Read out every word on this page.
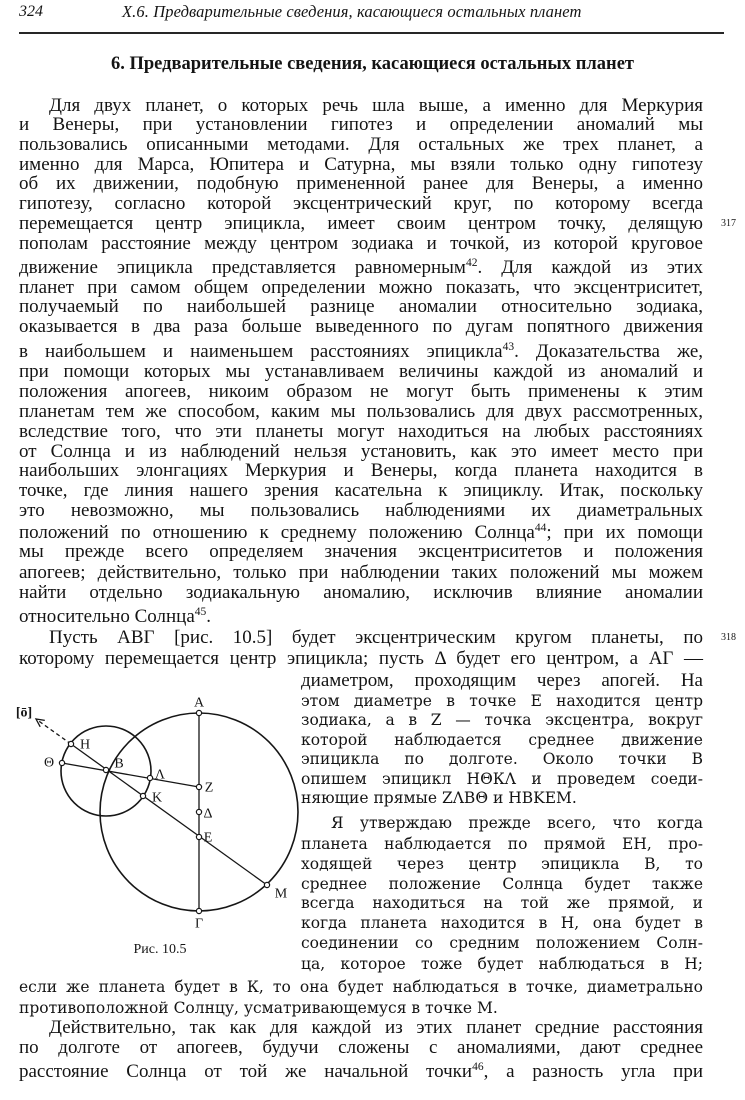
324	X.6. Предварительные сведения, касающиеся остальных планет
6. Предварительные сведения, касающиеся остальных планет
Для двух планет, о которых речь шла выше, а именно для Меркурия
и Венеры, при установлении гипотез и определении аномалий мы
пользовались описанными методами. Для остальных же трех планет, а
именно для Марса, Юпитера и Сатурна, мы взяли только одну гипотезу
об их движении, подобную примененной ранее для Венеры, а именно
гипотезу, согласно которой эксцентрический круг, по которому всегда
перемещается центр эпицикла, имеет своим центром точку, делящую
пополам расстояние между центром зодиака и точкой, из которой круговое
движение эпицикла представляется равномерным$^{42}$. Для каждой из этих
планет при самом общем определении можно показать, что эксцентриситет,
получаемый по наибольшей разнице аномалии относительно зодиака,
оказывается в два раза больше выведенного по дугам попятного движения
в наибольшем и наименьшем расстояниях эпицикла$^{43}$. Доказательства же,
при помощи которых мы устанавливаем величины каждой из аномалий и
положения апогеев, никоим образом не могут быть применены к этим
планетам тем же способом, каким мы пользовались для двух рассмотренных,
вследствие того, что эти планеты могут находиться на любых расстояниях
от Солнца и из наблюдений нельзя установить, как это имеет место при
наибольших элонгациях Меркурия и Венеры, когда планета находится в
точке, где линия нашего зрения касательна к эпициклу. Итак, поскольку
это невозможно, мы пользовались наблюдениями их диаметральных
положений по отношению к среднему положению Солнца$^{44}$; при их помощи
мы прежде всего определяем значения эксцентриситетов и положения
апогеев; действительно, только при наблюдении таких положений мы можем
найти отдельно зодиакальную аномалию, исключив влияние аномалии
относительно Солнца$^{45}$.
Пусть АВГ [рис. 10.5] будет эксцентрическим кругом планеты, по
которому перемещается центр эпицикла; пусть Δ будет его центром, а АГ —
диаметром, проходящим через апогей. На
этом диаметре в точке Е находится центр
зодиака, а в Z — точка эксцентра, вокруг
которой наблюдается среднее движение
эпицикла по долготе. Около точки В
опишем эпицикл НΘКΛ и проведем соеди-
няющие прямые ZΛBΘ и HBKEM.
Я утверждаю прежде всего, что когда
планета наблюдается по прямой ЕН, про-
ходящей через центр эпицикла В, то
среднее положение Солнца будет также
всегда находиться на той же прямой, и
когда планета находится в Н, она будет в
соединении со средним положением Солн-
ца, которое тоже будет наблюдаться в Н;
если же планета будет в К, то она будет наблюдаться в точке, диаметрально
противоположной Солнцу, усматривающемуся в точке М.
Действительно, так как для каждой из этих планет средние расстояния
по долготе от апогеев, будучи сложены с аномалиями, дают среднее
расстояние Солнца от той же начальной точки$^{46}$, а разность угла при
317
318
[ō]
Α
Β
Γ
Δ
Ε
Ζ
Η
Θ
Κ
Λ
Μ
Рис. 10.5
